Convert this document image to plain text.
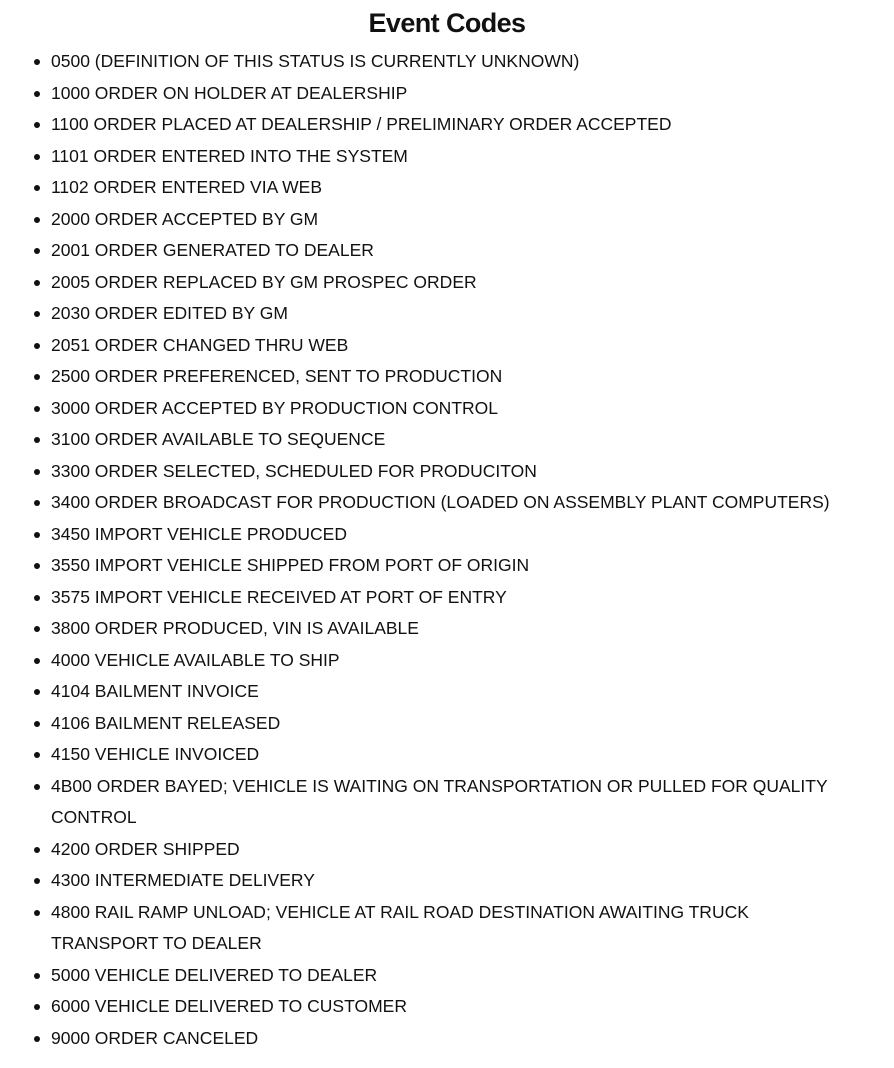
Event Codes
0500 (DEFINITION OF THIS STATUS IS CURRENTLY UNKNOWN)
1000 ORDER ON HOLDER AT DEALERSHIP
1100 ORDER PLACED AT DEALERSHIP / PRELIMINARY ORDER ACCEPTED
1101 ORDER ENTERED INTO THE SYSTEM
1102 ORDER ENTERED VIA WEB
2000 ORDER ACCEPTED BY GM
2001 ORDER GENERATED TO DEALER
2005 ORDER REPLACED BY GM PROSPEC ORDER
2030 ORDER EDITED BY GM
2051 ORDER CHANGED THRU WEB
2500 ORDER PREFERENCED, SENT TO PRODUCTION
3000 ORDER ACCEPTED BY PRODUCTION CONTROL
3100 ORDER AVAILABLE TO SEQUENCE
3300 ORDER SELECTED, SCHEDULED FOR PRODUCITON
3400 ORDER BROADCAST FOR PRODUCTION (LOADED ON ASSEMBLY PLANT COMPUTERS)
3450 IMPORT VEHICLE PRODUCED
3550 IMPORT VEHICLE SHIPPED FROM PORT OF ORIGIN
3575 IMPORT VEHICLE RECEIVED AT PORT OF ENTRY
3800 ORDER PRODUCED, VIN IS AVAILABLE
4000 VEHICLE AVAILABLE TO SHIP
4104 BAILMENT INVOICE
4106 BAILMENT RELEASED
4150 VEHICLE INVOICED
4B00 ORDER BAYED; VEHICLE IS WAITING ON TRANSPORTATION OR PULLED FOR QUALITY CONTROL
4200 ORDER SHIPPED
4300 INTERMEDIATE DELIVERY
4800 RAIL RAMP UNLOAD; VEHICLE AT RAIL ROAD DESTINATION AWAITING TRUCK TRANSPORT TO DEALER
5000 VEHICLE DELIVERED TO DEALER
6000 VEHICLE DELIVERED TO CUSTOMER
9000 ORDER CANCELED
